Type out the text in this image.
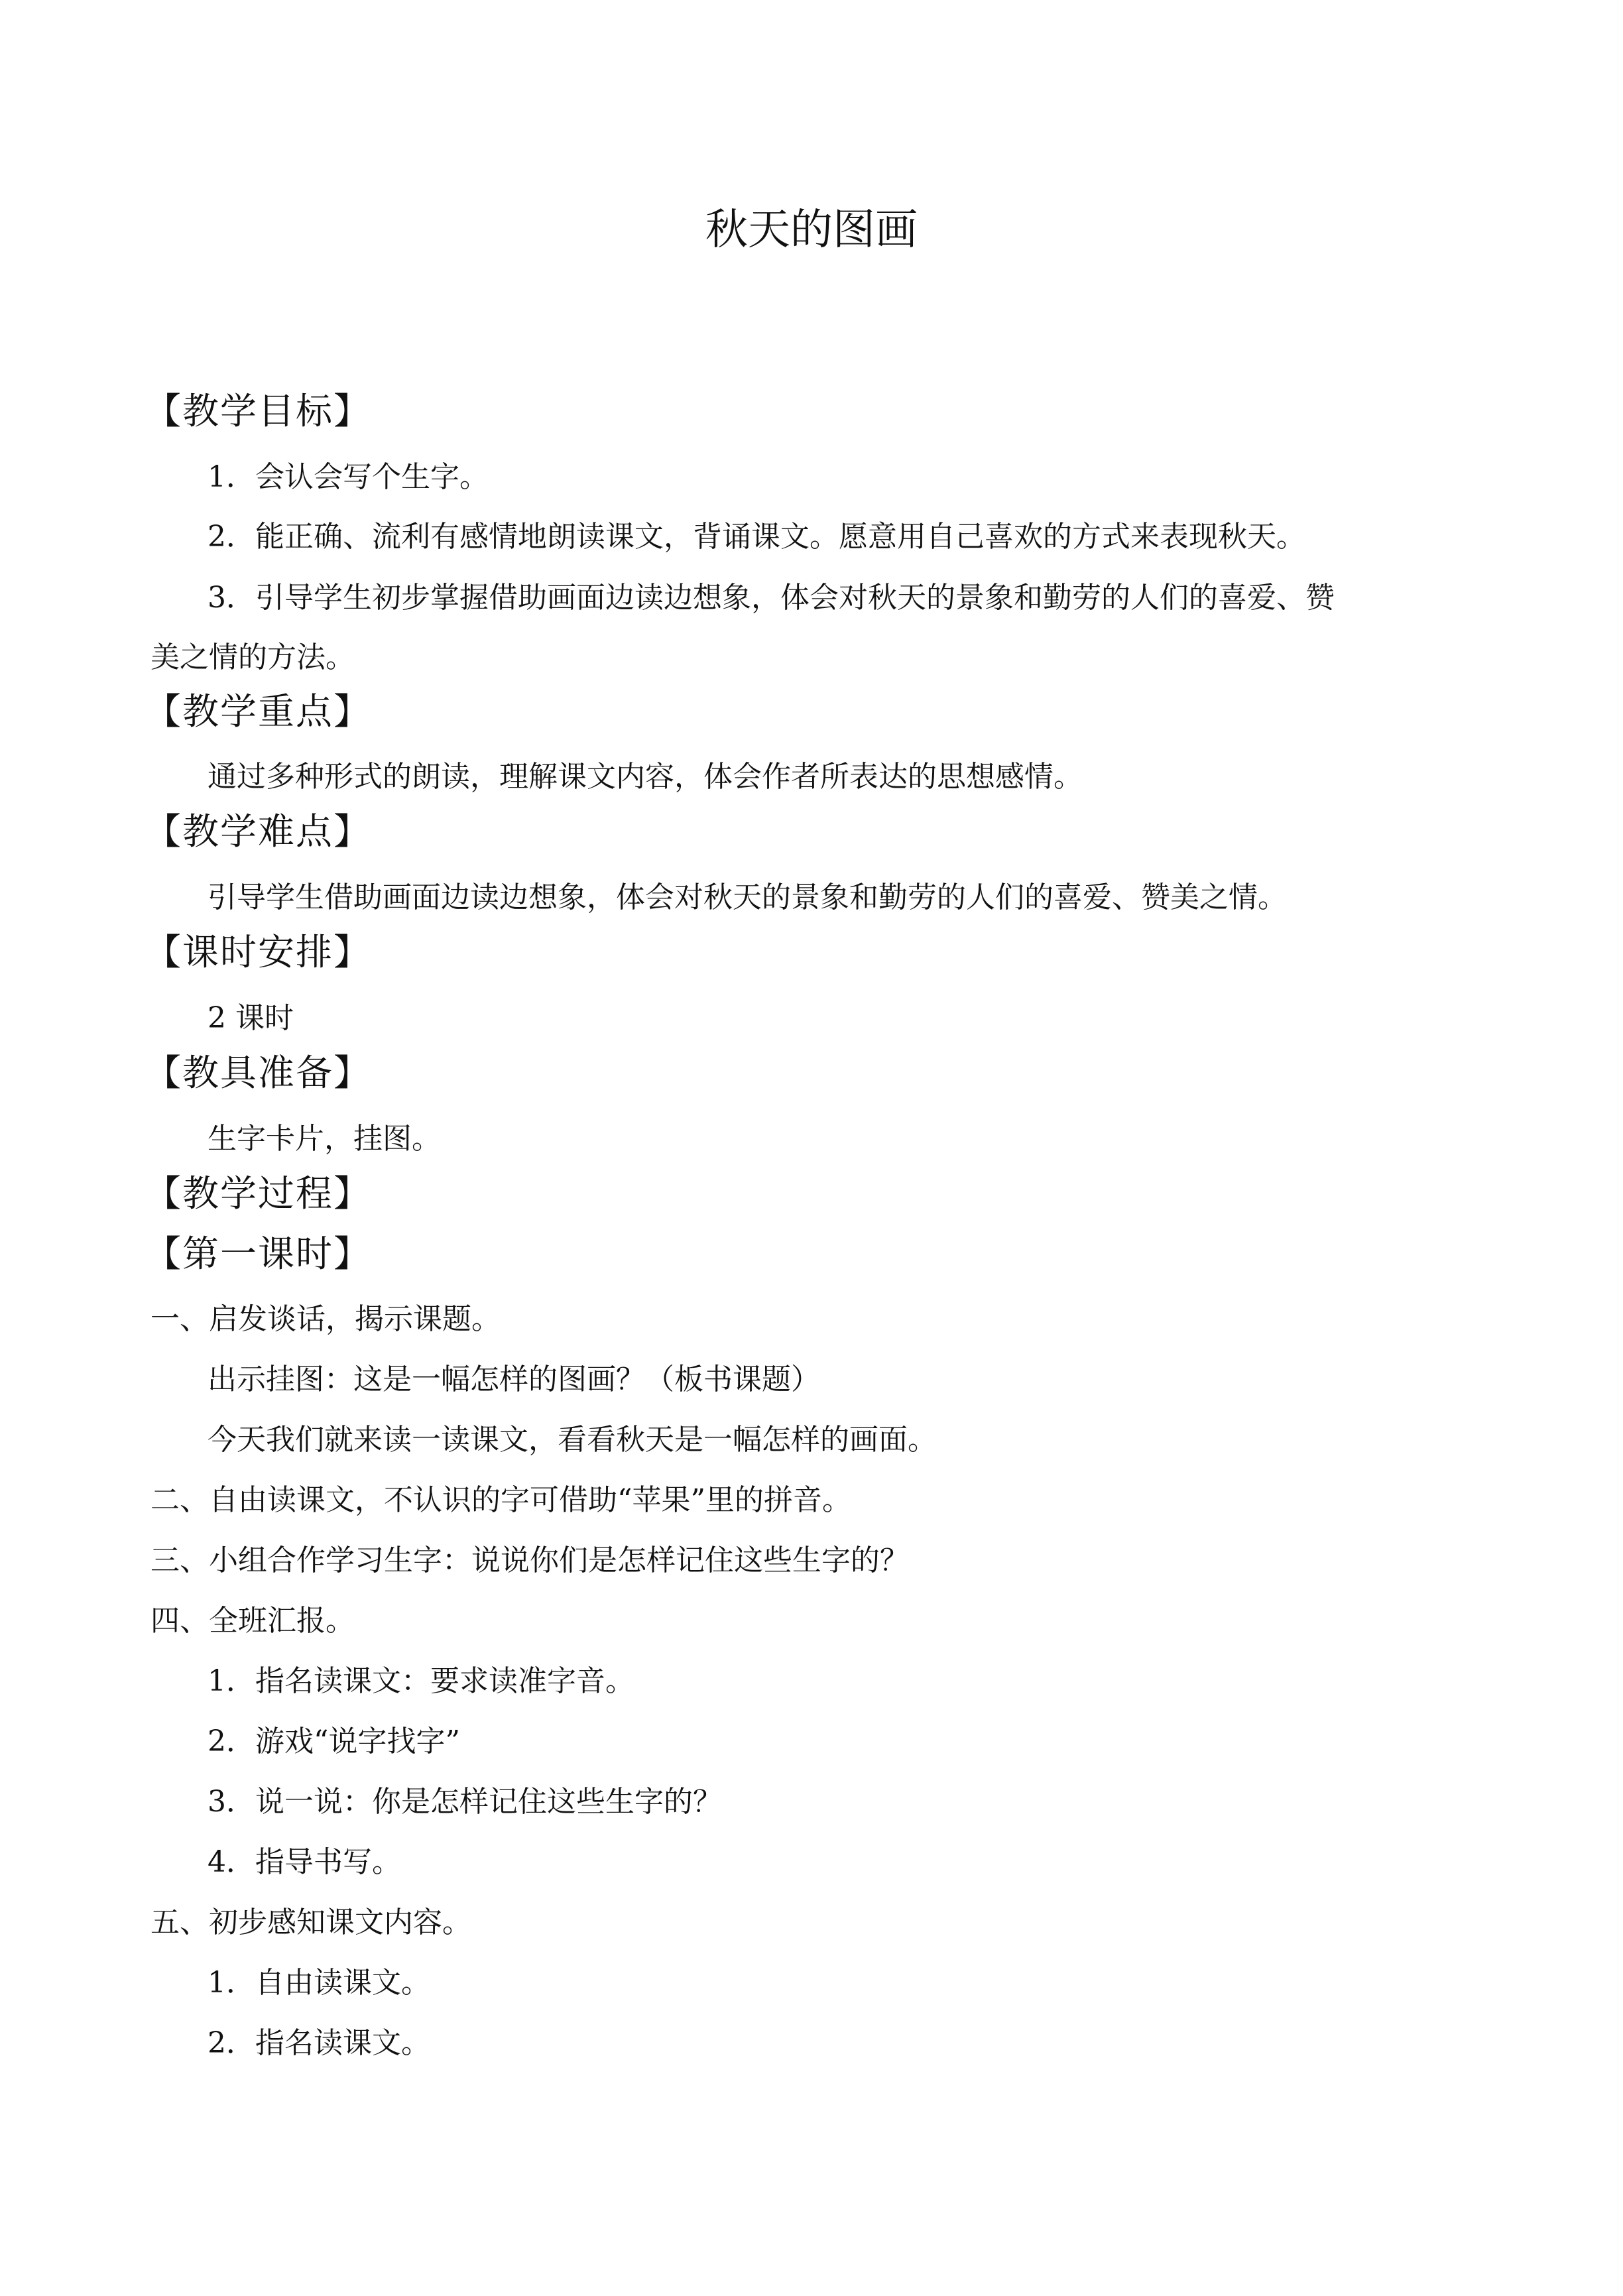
秋天的图画
【教学目标】
1．会认会写个生字。
2．能正确、流利有感情地朗读课文，背诵课文。愿意用自己喜欢的方式来表现秋天。
3．引导学生初步掌握借助画面边读边想象，体会对秋天的景象和勤劳的人们的喜爱、赞
美之情的方法。
【教学重点】
通过多种形式的朗读，理解课文内容，体会作者所表达的思想感情。
【教学难点】
引导学生借助画面边读边想象，体会对秋天的景象和勤劳的人们的喜爱、赞美之情。
【课时安排】
2 课时
【教具准备】
生字卡片，挂图。
【教学过程】
【第一课时】
一、启发谈话，揭示课题。
出示挂图：这是一幅怎样的图画？（板书课题）
今天我们就来读一读课文，看看秋天是一幅怎样的画面。
二、自由读课文，不认识的字可借助“苹果”里的拼音。
三、小组合作学习生字：说说你们是怎样记住这些生字的？
四、全班汇报。
1．指名读课文：要求读准字音。
2．游戏“说字找字”
3．说一说：你是怎样记住这些生字的？
4．指导书写。
五、初步感知课文内容。
1．自由读课文。
2．指名读课文。
